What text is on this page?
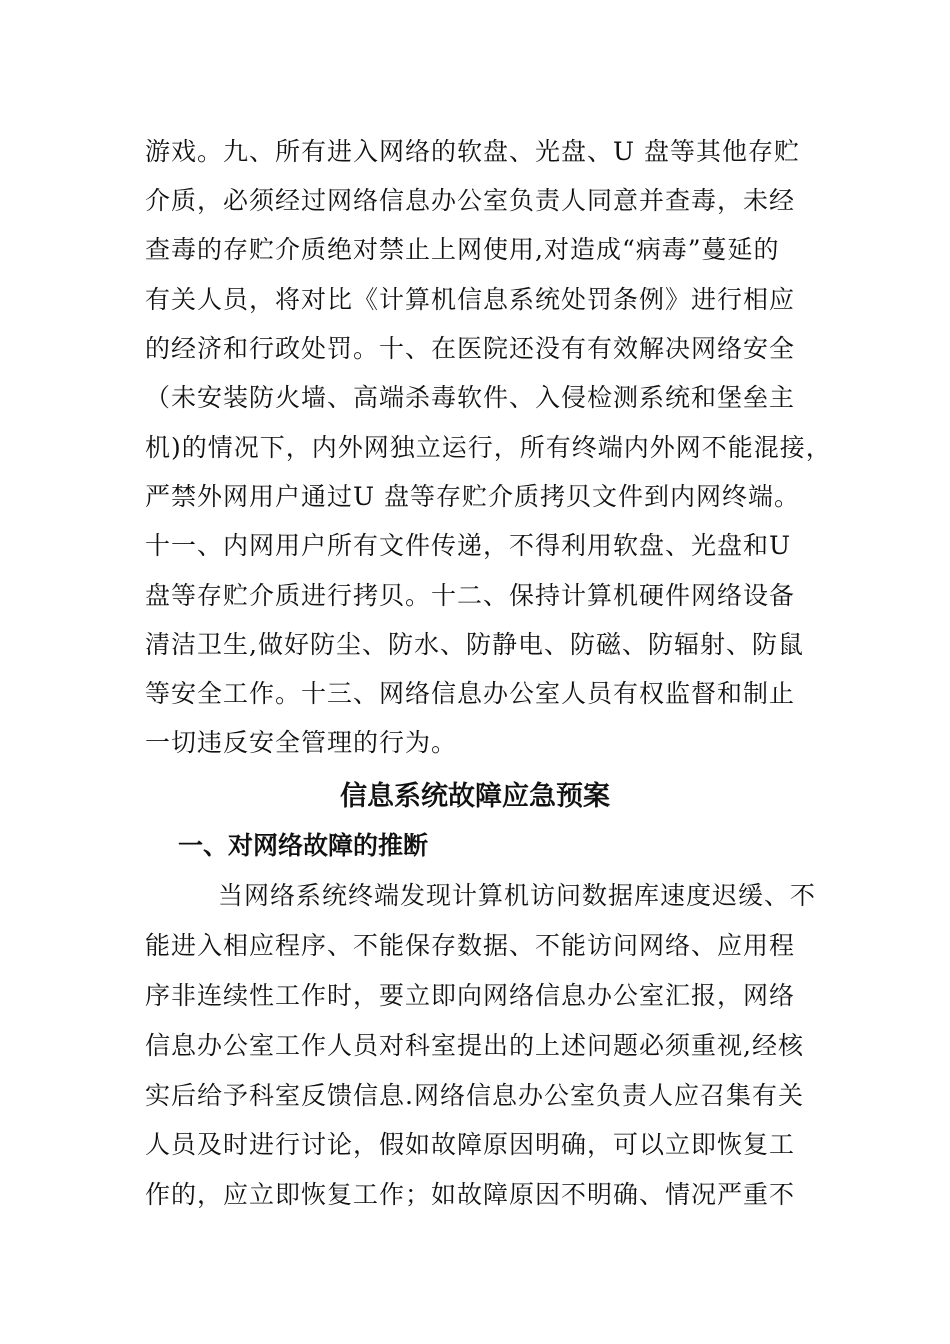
游戏。九、所有进入网络的软盘、光盘、U 盘等其他存贮
介质，必须经过网络信息办公室负责人同意并查毒，未经
查毒的存贮介质绝对禁止上网使用,对造成“病毒”蔓延的
有关人员，将对比《计算机信息系统处罚条例》进行相应
的经济和行政处罚。十、在医院还没有有效解决网络安全
（未安装防火墙、高端杀毒软件、入侵检测系统和堡垒主
机)的情况下，内外网独立运行，所有终端内外网不能混接，
严禁外网用户通过U 盘等存贮介质拷贝文件到内网终端。
十一、内网用户所有文件传递，不得利用软盘、光盘和U
盘等存贮介质进行拷贝。十二、保持计算机硬件网络设备
清洁卫生,做好防尘、防水、防静电、防磁、防辐射、防鼠
等安全工作。十三、网络信息办公室人员有权监督和制止
一切违反安全管理的行为。
信息系统故障应急预案
一、对网络故障的推断
当网络系统终端发现计算机访问数据库速度迟缓、不
能进入相应程序、不能保存数据、不能访问网络、应用程
序非连续性工作时，要立即向网络信息办公室汇报，网络
信息办公室工作人员对科室提出的上述问题必须重视,经核
实后给予科室反馈信息.网络信息办公室负责人应召集有关
人员及时进行讨论，假如故障原因明确，可以立即恢复工
作的，应立即恢复工作；如故障原因不明确、情况严重不
